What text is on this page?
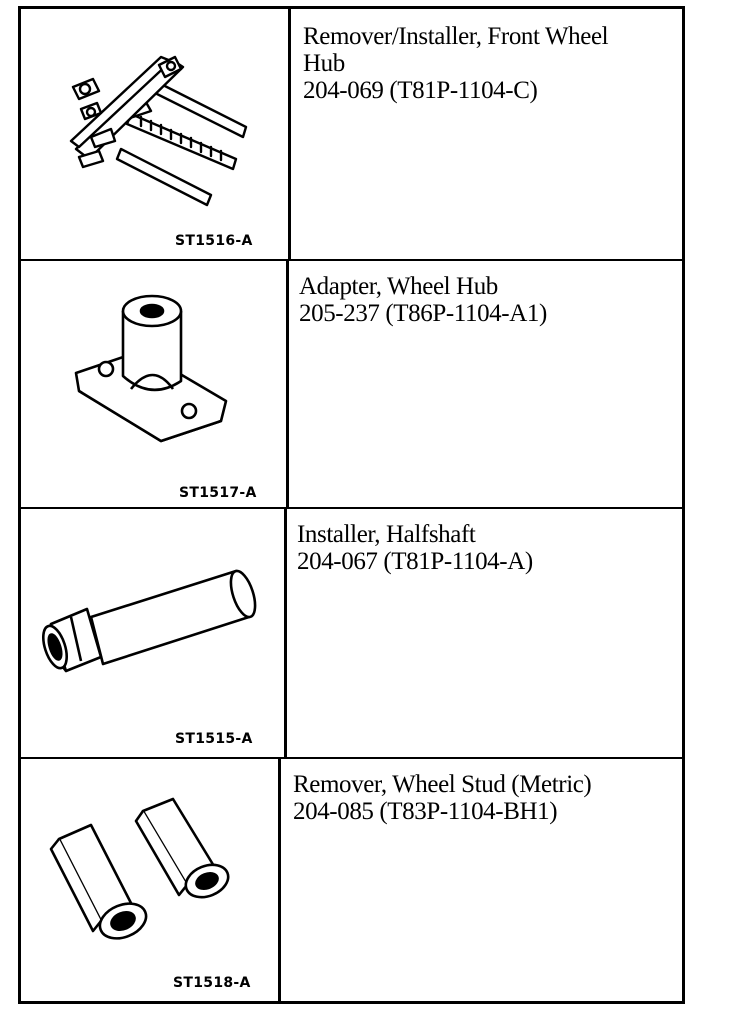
ST1516-A
Remover/Installer, Front Wheel
Hub
204-069 (T81P-1104-C)
ST1517-A
Adapter, Wheel Hub
205-237 (T86P-1104-A1)
ST1515-A
Installer, Halfshaft
204-067 (T81P-1104-A)
ST1518-A
Remover, Wheel Stud (Metric)
204-085 (T83P-1104-BH1)
